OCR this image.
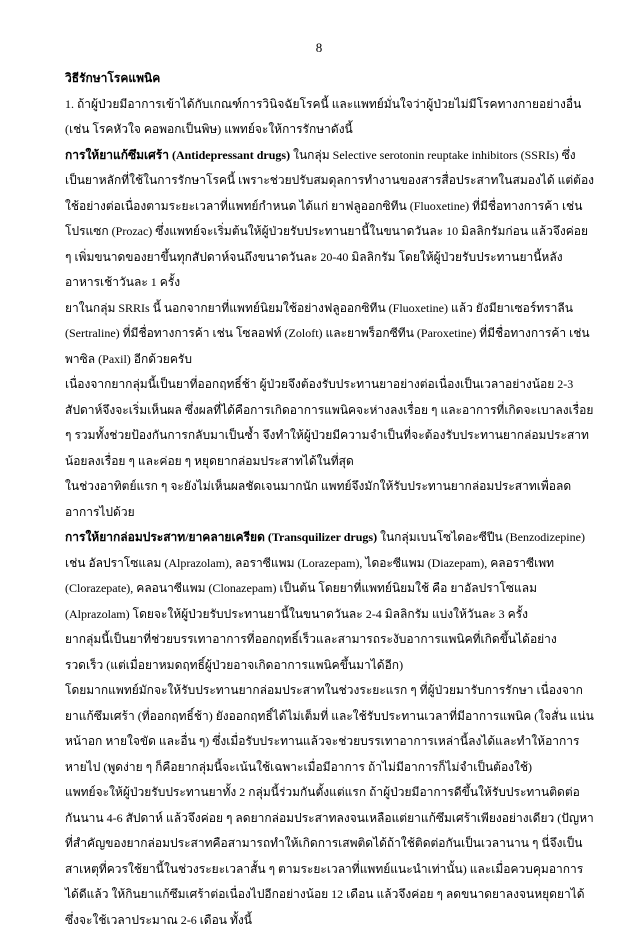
8

วิธีรักษาโรคแพนิค

1. ถ้าผู้ป่วยมีอาการเข้าได้กับเกณฑ์การวินิจฉัยโรคนี้ และแพทย์มั่นใจว่าผู้ป่วยไม่มีโรคทางกายอย่างอื่น (เช่น โรคหัวใจ คอพอกเป็นพิษ) แพทย์จะให้การรักษาดังนี้

การให้ยาแก้ซึมเศร้า (Antidepressant drugs) ในกลุ่ม Selective serotonin reuptake inhibitors (SSRIs) ซึ่งเป็นยาหลักที่ใช้ในการรักษาโรคนี้ เพราะช่วยปรับสมดุลการทำงานของสารสื่อประสาทในสมองได้ แต่ต้องใช้อย่างต่อเนื่องตามระยะเวลาที่แพทย์กำหนด ได้แก่ ยาฟลูออกซิทีน (Fluoxetine) ที่มีชื่อทางการค้า เช่น โปรแซก (Prozac) ซึ่งแพทย์จะเริ่มต้นให้ผู้ป่วยรับประทานยานี้ในขนาดวันละ 10 มิลลิกรัมก่อน แล้วจึงค่อย ๆ เพิ่มขนาดของยาขึ้นทุกสัปดาห์จนถึงขนาดวันละ 20-40 มิลลิกรัม โดยให้ผู้ป่วยรับประทานยานี้หลังอาหารเช้าวันละ 1 ครั้ง

ยาในกลุ่ม SRRIs นี้ นอกจากยาที่แพทย์นิยมใช้อย่างฟลูออกซิทีน (Fluoxetine) แล้ว ยังมียาเซอร์ทราลีน (Sertraline) ที่มีชื่อทางการค้า เช่น โซลอฟท์ (Zoloft) และยาพร็อกซีทีน (Paroxetine) ที่มีชื่อทางการค้า เช่น พาซิล (Paxil) อีกด้วยครับ

เนื่องจากยากลุ่มนี้เป็นยาที่ออกฤทธิ์ช้า ผู้ป่วยจึงต้องรับประทานยาอย่างต่อเนื่องเป็นเวลาอย่างน้อย 2-3 สัปดาห์จึงจะเริ่มเห็นผล ซึ่งผลที่ได้คือการเกิดอาการแพนิคจะห่างลงเรื่อย ๆ และอาการที่เกิดจะเบาลงเรื่อย ๆ รวมทั้งช่วยป้องกันการกลับมาเป็นซ้ำ จึงทำให้ผู้ป่วยมีความจำเป็นที่จะต้องรับประทานยากล่อมประสาทน้อยลงเรื่อย ๆ และค่อย ๆ หยุดยากล่อมประสาทได้ในที่สุด

ในช่วงอาทิตย์แรก ๆ จะยังไม่เห็นผลชัดเจนมากนัก แพทย์จึงมักให้รับประทานยากล่อมประสาทเพื่อลดอาการไปด้วย

การให้ยากล่อมประสาท/ยาคลายเครียด (Transquilizer drugs) ในกลุ่มเบนโซไดอะซีปีน (Benzodizepine) เช่น อัลปราโซแลม (Alprazolam), ลอราซีแพม (Lorazepam), ไดอะซีแพม (Diazepam), คลอราซีเพท (Clorazepate), คลอนาซีแพม (Clonazepam) เป็นต้น โดยยาที่แพทย์นิยมใช้ คือ ยาอัลปราโซแลม (Alprazolam) โดยจะให้ผู้ป่วยรับประทานยานี้ในขนาดวันละ 2-4 มิลลิกรัม แบ่งให้วันละ 3 ครั้ง

ยากลุ่มนี้เป็นยาที่ช่วยบรรเทาอาการที่ออกฤทธิ์เร็วและสามารถระงับอาการแพนิคที่เกิดขึ้นได้อย่างรวดเร็ว (แต่เมื่อยาหมดฤทธิ์ผู้ป่วยอาจเกิดอาการแพนิคขึ้นมาได้อีก)

โดยมากแพทย์มักจะให้รับประทานยากล่อมประสาทในช่วงระยะแรก ๆ ที่ผู้ป่วยมารับการรักษา เนื่องจากยาแก้ซึมเศร้า (ที่ออกฤทธิ์ช้า) ยังออกฤทธิ์ได้ไม่เต็มที่ และใช้รับประทานเวลาที่มีอาการแพนิค (ใจสั่น แน่นหน้าอก หายใจขัด และอื่น ๆ) ซึ่งเมื่อรับประทานแล้วจะช่วยบรรเทาอาการเหล่านี้ลงได้และทำให้อาการหายไป (พูดง่าย ๆ ก็คือยากลุ่มนี้จะเน้นใช้เฉพาะเมื่อมีอาการ ถ้าไม่มีอาการก็ไม่จำเป็นต้องใช้)

แพทย์จะให้ผู้ป่วยรับประทานยาทั้ง 2 กลุ่มนี้ร่วมกันตั้งแต่แรก ถ้าผู้ป่วยมีอาการดีขึ้นให้รับประทานติดต่อกันนาน 4-6 สัปดาห์ แล้วจึงค่อย ๆ ลดยากล่อมประสาทลงจนเหลือแต่ยาแก้ซึมเศร้าเพียงอย่างเดียว (ปัญหาที่สำคัญของยากล่อมประสาทคือสามารถทำให้เกิดการเสพติดได้ถ้าใช้ติดต่อกันเป็นเวลานาน ๆ นี่จึงเป็นสาเหตุที่ควรใช้ยานี้ในช่วงระยะเวลาสั้น ๆ ตามระยะเวลาที่แพทย์แนะนำเท่านั้น) และเมื่อควบคุมอาการได้ดีแล้ว ให้กินยาแก้ซึมเศร้าต่อเนื่องไปอีกอย่างน้อย 12 เดือน แล้วจึงค่อย ๆ ลดขนาดยาลงจนหยุดยาได้ ซึ่งจะใช้เวลาประมาณ 2-6 เดือน ทั้งนี้
